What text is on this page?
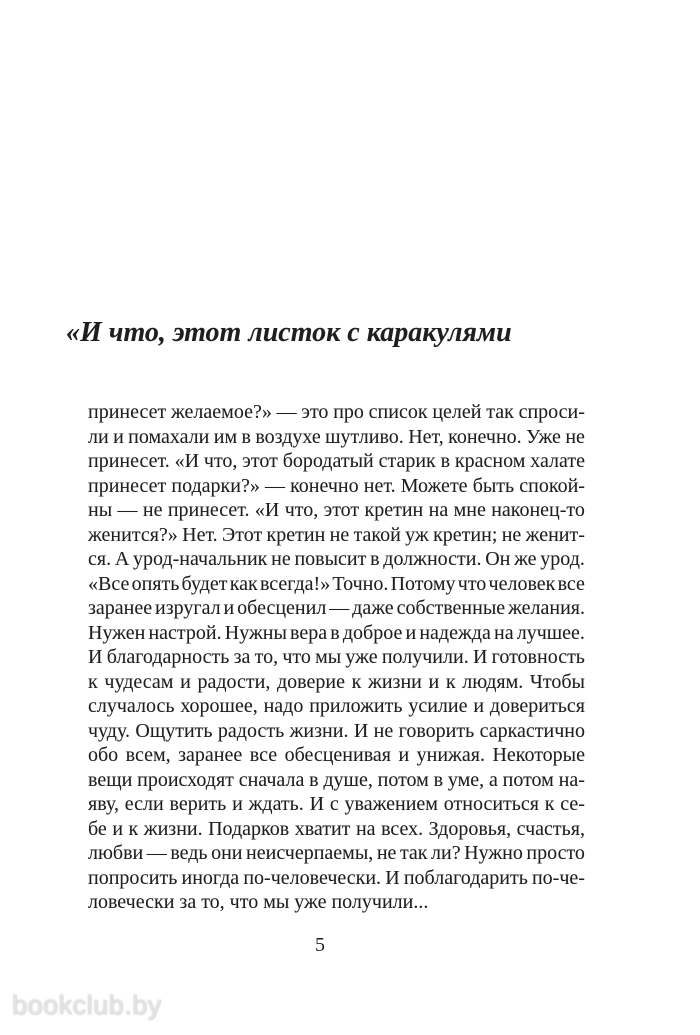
«И что, этот листок с каракулями
принесет желаемое?» — это про список целей так спроси-
ли и помахали им в воздухе шутливо. Нет, конечно. Уже не
принесет. «И что, этот бородатый старик в красном халате
принесет подарки?» — конечно нет. Можете быть спокой-
ны — не принесет. «И что, этот кретин на мне наконец-то
женится?» Нет. Этот кретин не такой уж кретин; не женит-
ся. А урод-начальник не повысит в должности. Он же урод.
«Все опять будет как всегда!» Точно. Потому что человек все
заранее изругал и обесценил — даже собственные желания.
Нужен настрой. Нужны вера в доброе и надежда на лучшее.
И благодарность за то, что мы уже получили. И готовность
к чудесам и радости, доверие к жизни и к людям. Чтобы
случалось хорошее, надо приложить усилие и довериться
чуду. Ощутить радость жизни. И не говорить саркастично
обо всем, заранее все обесценивая и унижая. Некоторые
вещи происходят сначала в душе, потом в уме, а потом на-
яву, если верить и ждать. И с уважением относиться к се-
бе и к жизни. Подарков хватит на всех. Здоровья, счастья,
любви — ведь они неисчерпаемы, не так ли? Нужно просто
попросить иногда по-человечески. И поблагодарить по-че-
ловечески за то, что мы уже получили...
5
bookclub.by
